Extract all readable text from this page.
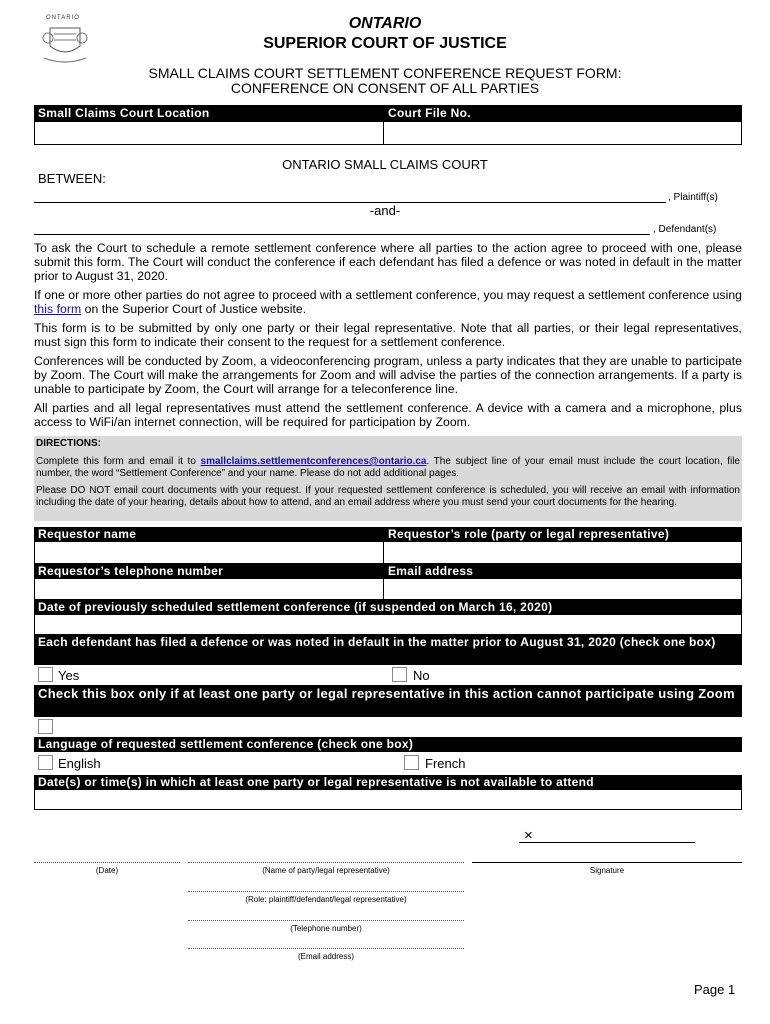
ONTARIO	ONTARIO
SUPERIOR COURT OF JUSTICE
SMALL CLAIMS COURT SETTLEMENT CONFERENCE REQUEST FORM:
CONFERENCE ON CONSENT OF ALL PARTIES
Small Claims Court Location	Court File No.
ONTARIO SMALL CLAIMS COURT
BETWEEN:
, Plaintiff(s)
-and-
, Defendant(s)
To ask the Court to schedule a remote settlement conference where all parties to the action agree to proceed with one, please submit this form. The Court will conduct the conference if each defendant has filed a defence or was noted in default in the matter prior to August 31, 2020.
If one or more other parties do not agree to proceed with a settlement conference, you may request a settlement conference using this form on the Superior Court of Justice website.
This form is to be submitted by only one party or their legal representative. Note that all parties, or their legal representatives, must sign this form to indicate their consent to the request for a settlement conference.
Conferences will be conducted by Zoom, a videoconferencing program, unless a party indicates that they are unable to participate by Zoom. The Court will make the arrangements for Zoom and will advise the parties of the connection arrangements. If a party is unable to participate by Zoom, the Court will arrange for a teleconference line.
All parties and all legal representatives must attend the settlement conference. A device with a camera and a microphone, plus access to WiFi/an internet connection, will be required for participation by Zoom.
DIRECTIONS:
Complete this form and email it to smallclaims.settlementconferences@ontario.ca. The subject line of your email must include the court location, file number, the word “Settlement Conference” and your name. Please do not add additional pages.
Please DO NOT email court documents with your request. If your requested settlement conference is scheduled, you will receive an email with information including the date of your hearing, details about how to attend, and an email address where you must send your court documents for the hearing.
Requestor name	Requestor’s role (party or legal representative)
Requestor’s telephone number	Email address
Date of previously scheduled settlement conference (if suspended on March 16, 2020)
Each defendant has filed a defence or was noted in default in the matter prior to August 31, 2020 (check one box)
Yes	No
Check this box only if at least one party or legal representative in this action cannot participate using Zoom
Language of requested settlement conference (check one box)
English	French
Date(s) or time(s) in which at least one party or legal representative is not available to attend
×
(Date)	(Name of party/legal representative)	Signature
(Role: plaintiff/defendant/legal representative)
(Telephone number)
(Email address)
Page 1
